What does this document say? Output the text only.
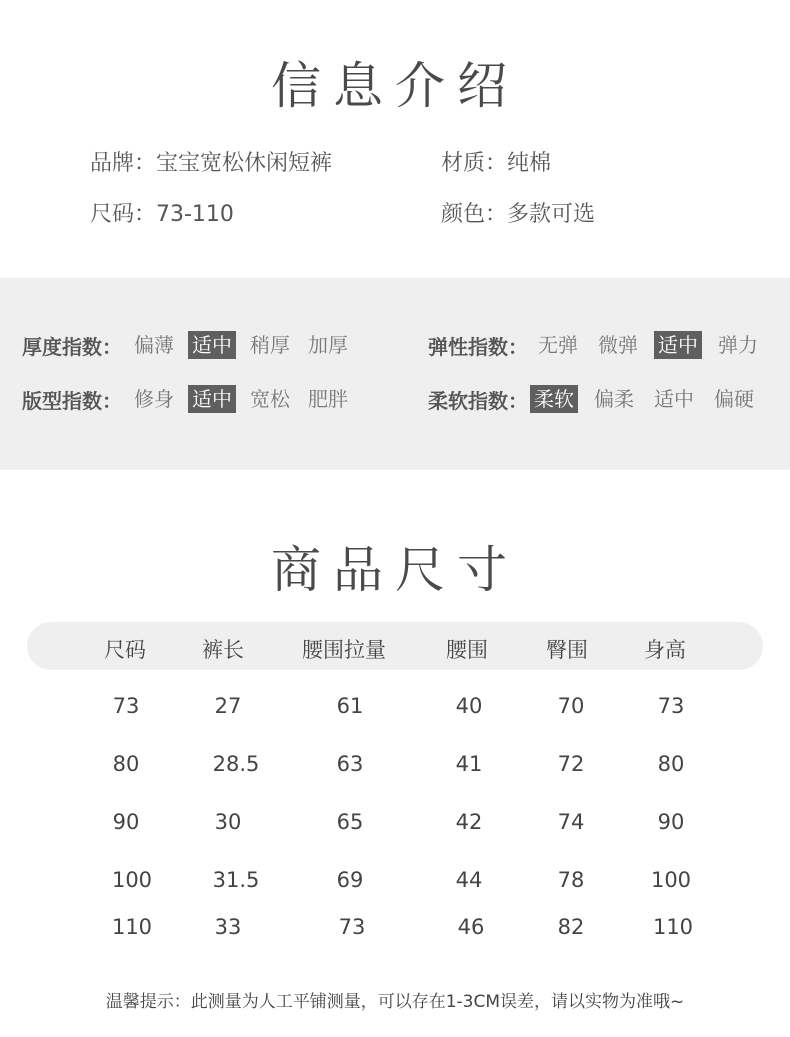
信息介绍
品牌：宝宝宽松休闲短裤	材质：纯棉
尺码：73-110	颜色：多款可选
厚度指数： 偏薄 适中 稍厚 加厚	弹性指数： 无弹 微弹 适中 弹力
版型指数： 修身 适中 宽松 肥胖	柔软指数： 柔软 偏柔 适中 偏硬
商品尺寸
尺码	裤长	腰围拉量	腰围	臀围	身高
73	27	61	40	70	73
80	28.5	63	41	72	80
90	30	65	42	74	90
100	31.5	69	44	78	100
110	33	73	46	82	110
温馨提示：此测量为人工平铺测量，可以存在1-3CM误差，请以实物为准哦~
